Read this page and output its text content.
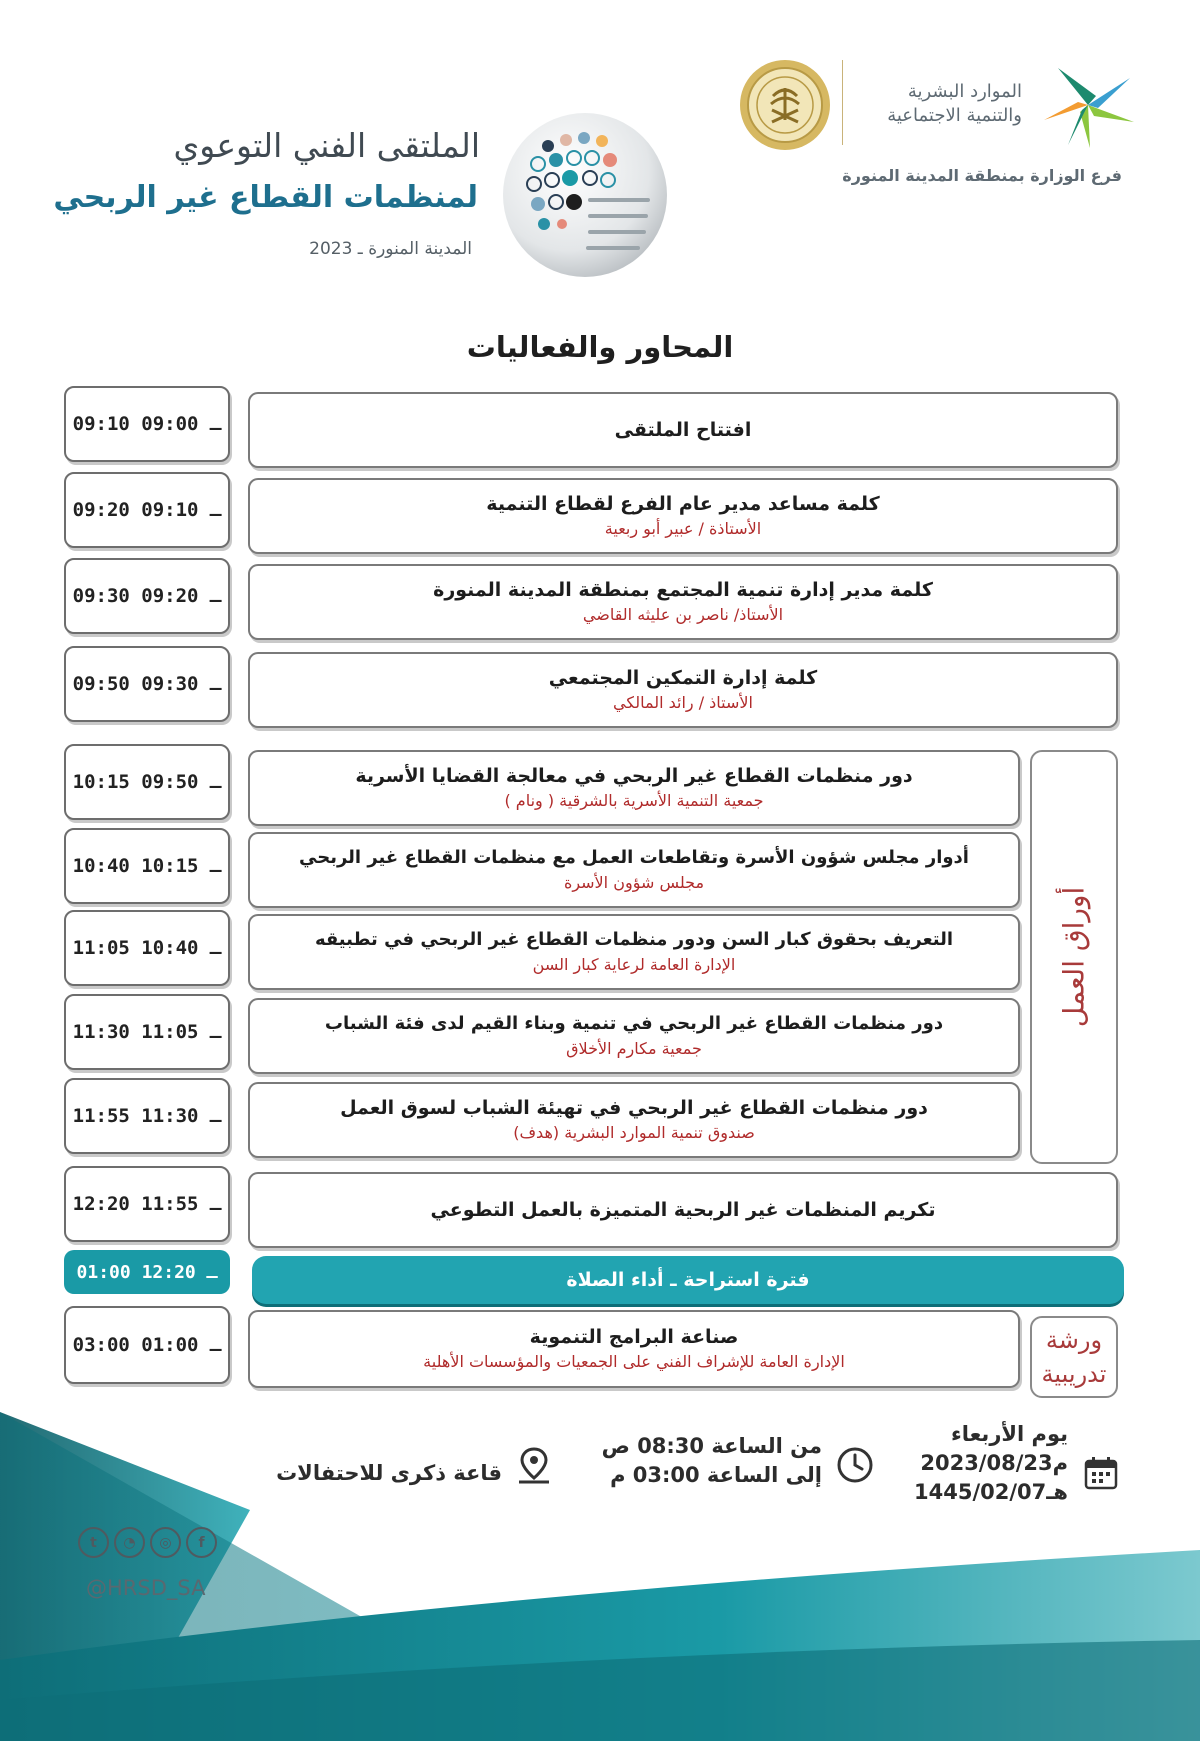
الموارد البشرية
والتنمية الاجتماعية
فرع الوزارة بمنطقة المدينة المنورة
الملتقى الفني التوعوي
لمنظمات القطاع غير الربحي
المدينة المنورة ـ 2023
المحاور والفعاليات
09:10 ـ 09:00	افتتاح الملتقى
09:20 ـ 09:10	كلمة مساعد مدير عام الفرع لقطاع التنمية
الأستاذة / عبير أبو ربعية
09:30 ـ 09:20	كلمة مدير إدارة تنمية المجتمع بمنطقة المدينة المنورة
الأستاذ/ ناصر بن عليثه القاضي
09:50 ـ 09:30	كلمة إدارة التمكين المجتمعي
الأستاذ / رائد المالكي
أوراق العمل
10:15 ـ 09:50	دور منظمات القطاع غير الربحي في معالجة القضايا الأسرية
جمعية التنمية الأسرية بالشرقية ( ونام )
10:40 ـ 10:15	أدوار مجلس شؤون الأسرة وتقاطعات العمل مع منظمات القطاع غير الربحي
مجلس شؤون الأسرة
11:05 ـ 10:40	التعريف بحقوق كبار السن ودور منظمات القطاع غير الربحي في تطبيقه
الإدارة العامة لرعاية كبار السن
11:30 ـ 11:05	دور منظمات القطاع غير الربحي في تنمية وبناء القيم لدى فئة الشباب
جمعية مكارم الأخلاق
11:55 ـ 11:30	دور منظمات القطاع غير الربحي في تهيئة الشباب لسوق العمل
صندوق تنمية الموارد البشرية (هدف)
12:20 ـ 11:55	تكريم المنظمات غير الربحية المتميزة بالعمل التطوعي
01:00 ـ 12:20	فترة استراحة ـ أداء الصلاة
03:00 ـ 01:00	صناعة البرامج التنموية
الإدارة العامة للإشراف الفني على الجمعيات والمؤسسات الأهلية
ورشة
تدريبية
يوم الأربعاء
2023/08/23م
1445/02/07هـ
من الساعة 08:30 ص
إلى الساعة 03:00 م
قاعة ذكرى للاحتفالات
t	◔	◎	f
@HRSD_SA
